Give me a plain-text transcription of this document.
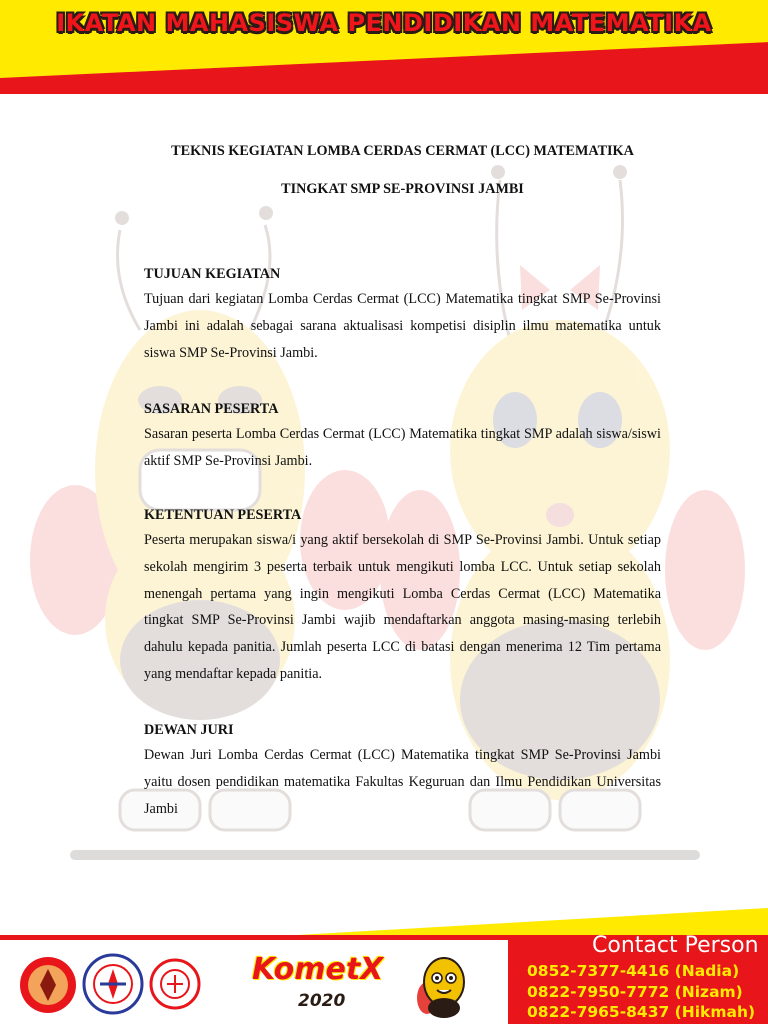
IKATAN MAHASISWA PENDIDIKAN MATEMATIKA

TEKNIS KEGIATAN LOMBA CERDAS CERMAT (LCC) MATEMATIKA

TINGKAT SMP SE-PROVINSI JAMBI

TUJUAN KEGIATAN

Tujuan dari kegiatan Lomba Cerdas Cermat (LCC) Matematika tingkat SMP Se-Provinsi Jambi ini adalah sebagai sarana aktualisasi kompetisi disiplin ilmu matematika untuk siswa SMP Se-Provinsi Jambi.

SASARAN PESERTA

Sasaran peserta Lomba Cerdas Cermat (LCC) Matematika tingkat SMP adalah siswa/siswi aktif SMP Se-Provinsi Jambi.

KETENTUAN PESERTA

Peserta merupakan siswa/i yang aktif bersekolah di SMP Se-Provinsi Jambi. Untuk setiap sekolah mengirim 3 peserta terbaik untuk mengikuti lomba LCC. Untuk setiap sekolah menengah pertama yang ingin mengikuti Lomba Cerdas Cermat (LCC) Matematika tingkat SMP Se-Provinsi Jambi wajib mendaftarkan anggota masing-masing terlebih dahulu kepada panitia. Jumlah peserta LCC di batasi dengan menerima 12 Tim pertama yang mendaftar kepada panitia.

DEWAN JURI

Dewan Juri Lomba Cerdas Cermat (LCC) Matematika tingkat SMP Se-Provinsi Jambi yaitu dosen pendidikan matematika Fakultas Keguruan dan Ilmu Pendidikan Universitas Jambi

KometX
2020
Contact Person
0852-7377-4416 (Nadia)
0822-7950-7772 (Nizam)
0822-7965-8437 (Hikmah)
